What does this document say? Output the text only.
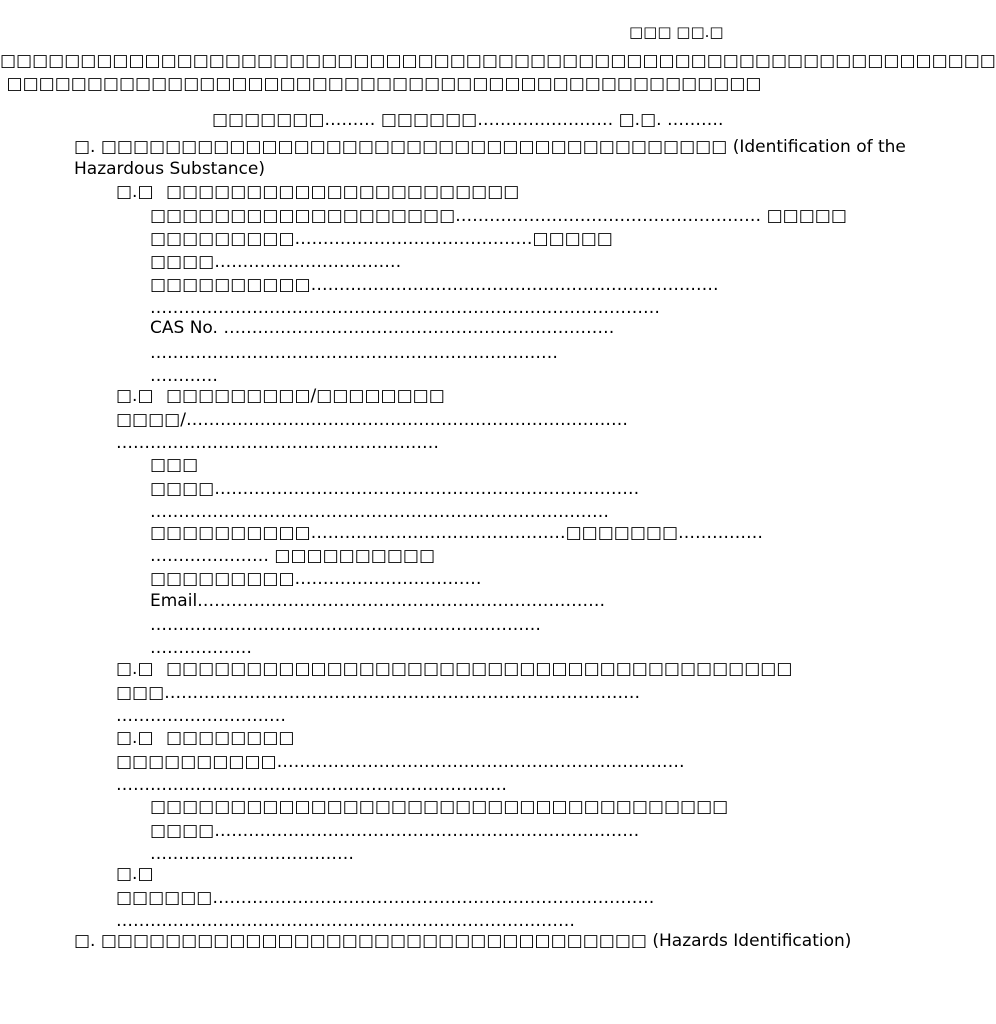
□□□ □□.□
□□□□□□□□□□□□□□□□□□□□□□□□□□□□□□□□□□□□□□□□□□□□□□□□□□□□□□□□□□□□□□
□□□□□□□□□□□□□□□□□□□□□□□□□□□□□□□□□□□□□□□□□□□□□□□
□□□□□□□……… □□□□□□…………………… □.□. ……….
□. □□□□□□□□□□□□□□□□□□□□□□□□□□□□□□□□□□□□□□□ (Identification of the
Hazardous Substance)
□.□ □□□□□□□□□□□□□□□□□□□□□□
□□□□□□□□□□□□□□□□□□□……………………………………………… □□□□□
□□□□□□□□□……………………………………□□□□□
□□□□……………………………
□□□□□□□□□□………………………………………………………………
………………………………………………………………………………
CAS No. ……………………………………………………………
………………………………………………………………
…………
□.□ □□□□□□□□□/□□□□□□□□
□□□□/……………………………………………………………………
…………………………………………………
□□□
□□□□…………………………………………………………………
………………………………………………………………………
□□□□□□□□□□………………………………………□□□□□□□……………
………………… □□□□□□□□□□
□□□□□□□□□……………………………
Email………………………………………………………………
……………………………………………………………
………………
□.□ □□□□□□□□□□□□□□□□□□□□□□□□□□□□□□□□□□□□□□□
□□□…………………………………………………………………………
…………………………
□.□ □□□□□□□□
□□□□□□□□□□………………………………………………………………
……………………………………………………………
□□□□□□□□□□□□□□□□□□□□□□□□□□□□□□□□□□□□
□□□□…………………………………………………………………
………………………………
□.□
□□□□□□……………………………………………………………………
………………………………………………………………………
□. □□□□□□□□□□□□□□□□□□□□□□□□□□□□□□□□□□ (Hazards Identification)
